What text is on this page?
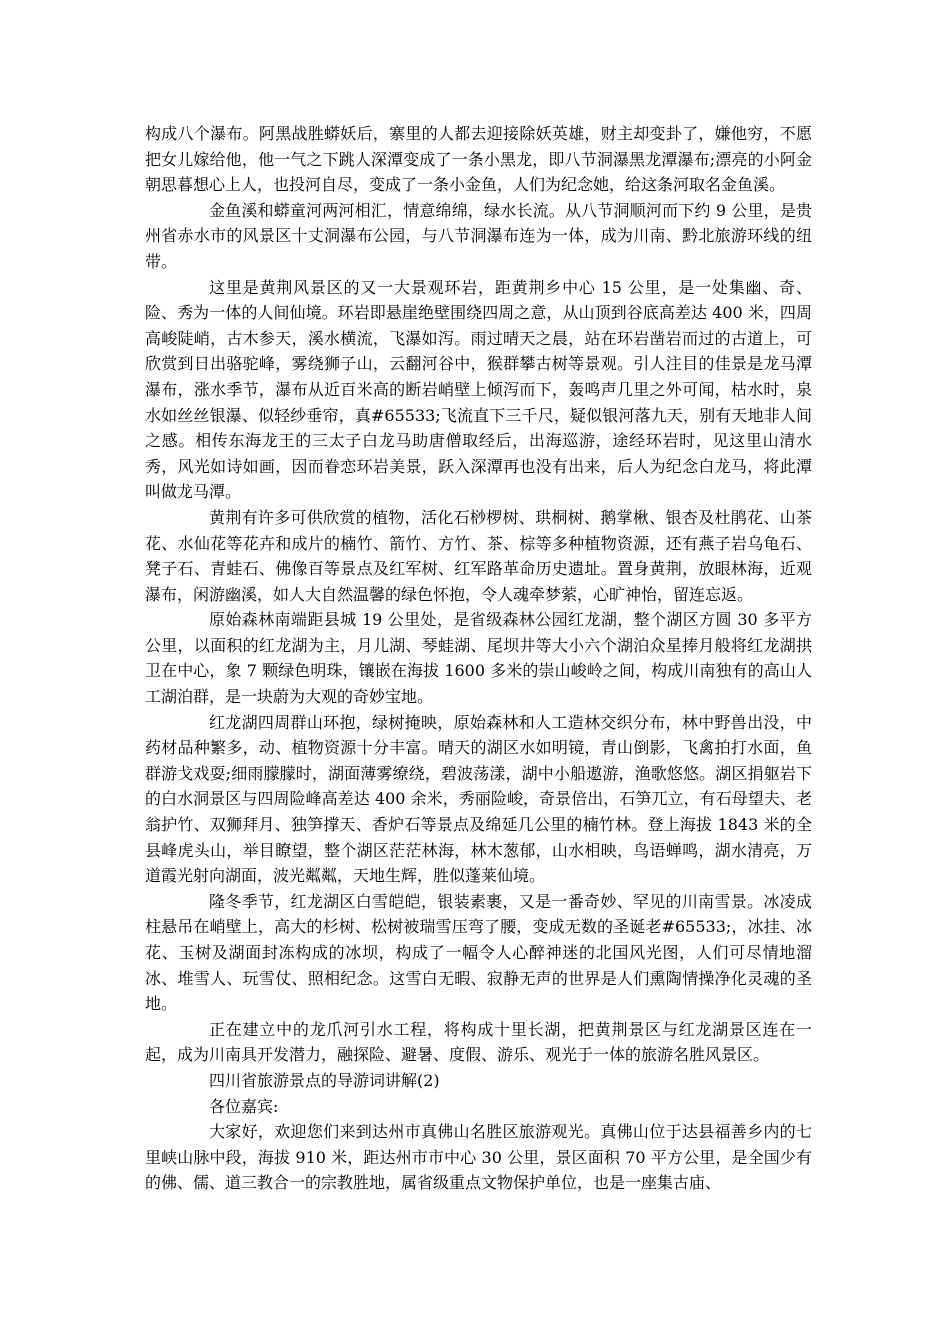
构成八个瀑布。阿黑战胜蟒妖后，寨里的人都去迎接除妖英雄，财主却变卦了，嫌他穷，不愿把女儿嫁给他，他一气之下跳人深潭变成了一条小黑龙，即八节洞瀑黑龙潭瀑布;漂亮的小阿金朝思暮想心上人，也投河自尽，变成了一条小金鱼，人们为纪念她，给这条河取名金鱼溪。

金鱼溪和蟒童河两河相汇，情意绵绵，绿水长流。从八节洞顺河而下约 9 公里，是贵州省赤水市的风景区十丈洞瀑布公园，与八节洞瀑布连为一体，成为川南、黔北旅游环线的纽带。

这里是黄荆风景区的又一大景观环岩，距黄荆乡中心 15 公里，是一处集幽、奇、险、秀为一体的人间仙境。环岩即悬崖绝壁围绕四周之意，从山顶到谷底高差达 400 米，四周高峻陡峭，古木参天，溪水横流，飞瀑如泻。雨过晴天之晨，站在环岩凿岩而过的古道上，可欣赏到日出骆驼峰，雾绕狮子山，云翻河谷中，猴群攀古树等景观。引人注目的佳景是龙马潭瀑布，涨水季节，瀑布从近百米高的断岩峭壁上倾泻而下，轰鸣声几里之外可闻，枯水时，泉水如丝丝银瀑、似轻纱垂帘，真#65533;飞流直下三千尺，疑似银河落九天，别有天地非人间之感。相传东海龙王的三太子白龙马助唐僧取经后，出海巡游，途经环岩时，见这里山清水秀，风光如诗如画，因而眷恋环岩美景，跃入深潭再也没有出来，后人为纪念白龙马，将此潭叫做龙马潭。

黄荆有许多可供欣赏的植物，活化石桫椤树、珙桐树、鹅掌楸、银杏及杜鹃花、山茶花、水仙花等花卉和成片的楠竹、箭竹、方竹、茶、棕等多种植物资源，还有燕子岩乌龟石、凳子石、青蛙石、佛像百等景点及红军树、红军路革命历史遗址。置身黄荆，放眼林海，近观瀑布，闲游幽溪，如人大自然温馨的绿色怀抱，令人魂牵梦萦，心旷神怡，留连忘返。

原始森林南端距县城 19 公里处，是省级森林公园红龙湖，整个湖区方圆 30 多平方公里，以面积的红龙湖为主，月儿湖、琴蛙湖、尾坝井等大小六个湖泊众星捧月般将红龙湖拱卫在中心，象 7 颗绿色明珠，镶嵌在海拔 1600 多米的崇山峻岭之间，构成川南独有的高山人工湖泊群，是一块蔚为大观的奇妙宝地。

红龙湖四周群山环抱，绿树掩映，原始森林和人工造林交织分布，林中野兽出没，中药材品种繁多，动、植物资源十分丰富。晴天的湖区水如明镜，青山倒影，飞禽拍打水面，鱼群游戈戏耍;细雨朦朦时，湖面薄雾缭绕，碧波荡漾，湖中小船遨游，渔歌悠悠。湖区捐躯岩下的白水洞景区与四周险峰高差达 400 余米，秀丽险峻，奇景倍出，石笋兀立，有石母望夫、老翁护竹、双狮拜月、独笋撑天、香炉石等景点及绵延几公里的楠竹林。登上海拔 1843 米的全县峰虎头山，举目瞭望，整个湖区茫茫林海，林木葱郁，山水相映，鸟语蝉鸣，湖水清亮，万道霞光射向湖面，波光粼粼，天地生辉，胜似蓬莱仙境。

隆冬季节，红龙湖区白雪皑皑，银装素裹，又是一番奇妙、罕见的川南雪景。冰凌成柱悬吊在峭壁上，高大的杉树、松树被瑞雪压弯了腰，变成无数的圣诞老#65533;，冰挂、冰花、玉树及湖面封冻构成的冰坝，构成了一幅令人心醉神迷的北国风光图，人们可尽情地溜冰、堆雪人、玩雪仗、照相纪念。这雪白无暇、寂静无声的世界是人们熏陶情操净化灵魂的圣地。

正在建立中的龙爪河引水工程，将构成十里长湖，把黄荆景区与红龙湖景区连在一起，成为川南具开发潜力，融探险、避暑、度假、游乐、观光于一体的旅游名胜风景区。

四川省旅游景点的导游词讲解(2)

各位嘉宾:

大家好，欢迎您们来到达州市真佛山名胜区旅游观光。真佛山位于达县福善乡内的七里峡山脉中段，海拔 910 米，距达州市市中心 30 公里，景区面积 70 平方公里，是全国少有的佛、儒、道三教合一的宗教胜地，属省级重点文物保护单位，也是一座集古庙、
